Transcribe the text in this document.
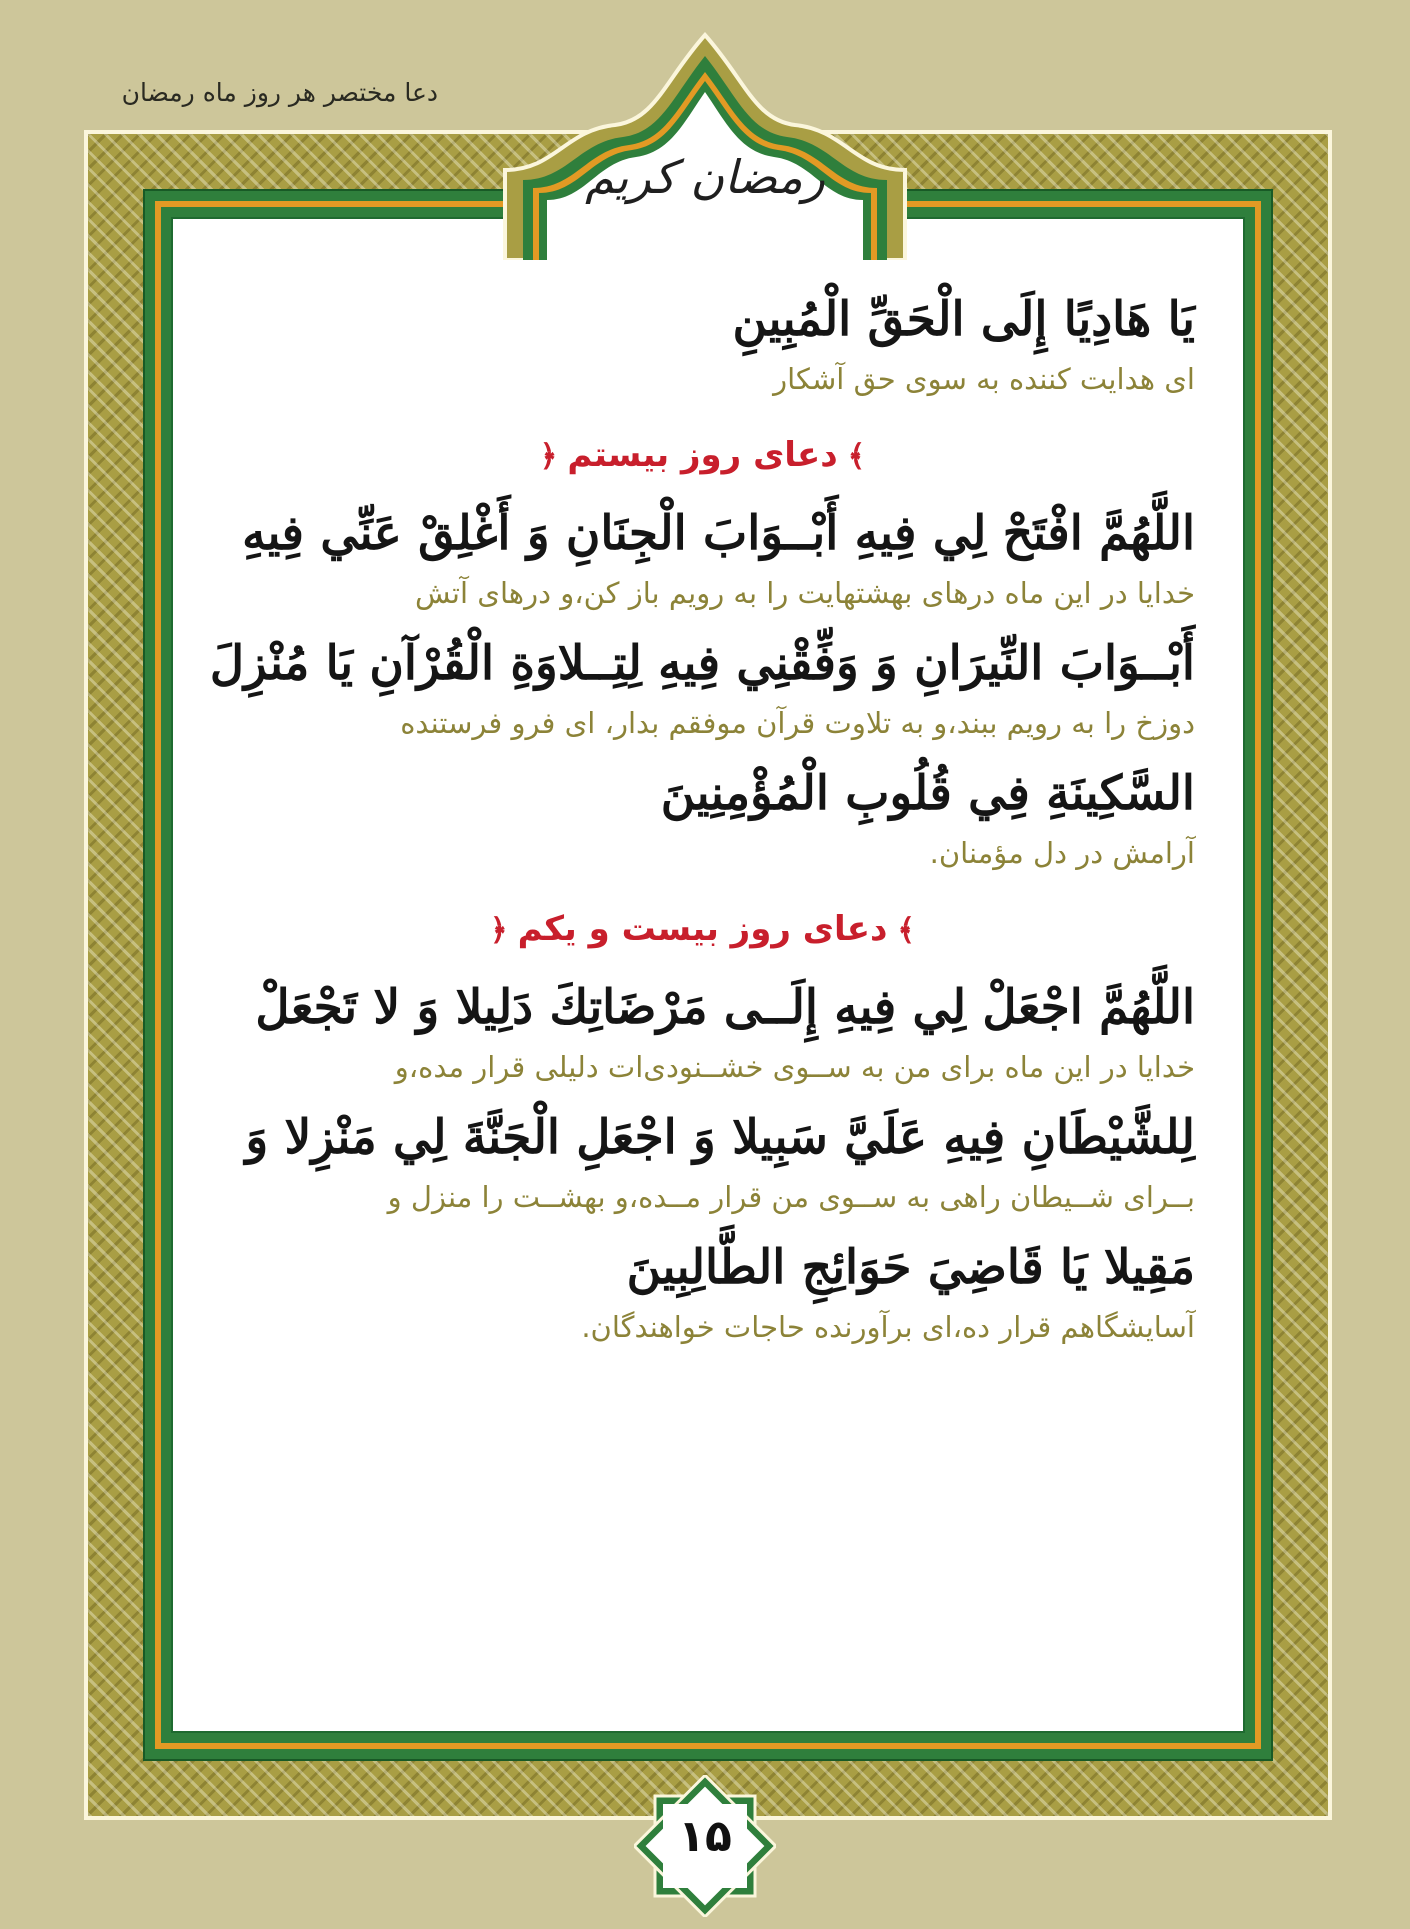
دعا مختصر هر روز ماه رمضان
رمضان کریم

يَا هَادِيًا إِلَى الْحَقِّ الْمُبِينِ

ای هدایت کننده به سوی حق آشکار

﴾دعای روز بیستم﴿

اللَّهُمَّ افْتَحْ لِي فِيهِ أَبْــوَابَ الْجِنَانِ وَ أَغْلِقْ عَنِّي فِيهِ

خدایا در این ماه درهای بهشتهایت را به رویم باز کن،و درهای آتش

أَبْــوَابَ النِّيرَانِ وَ وَفِّقْنِي فِيهِ لِتِــلاوَةِ الْقُرْآنِ يَا مُنْزِلَ

دوزخ را به رویم ببند،و به تلاوت قرآن موفقم بدار، ای فرو فرستنده

السَّكِينَةِ فِي قُلُوبِ الْمُؤْمِنِينَ

آرامش در دل مؤمنان.

﴾دعای روز بیست و یکم﴿

اللَّهُمَّ اجْعَلْ لِي فِيهِ إِلَــى مَرْضَاتِكَ دَلِيلا وَ لا تَجْعَلْ

خدایا در این ماه برای من به ســوی خشــنودی‌ات دلیلی قرار مده،و

لِلشَّيْطَانِ فِيهِ عَلَيَّ سَبِيلا وَ اجْعَلِ الْجَنَّةَ لِي مَنْزِلا وَ

بــرای شــیطان راهی به ســوی من قرار مــده،و بهشــت را منزل و

مَقِيلا يَا قَاضِيَ حَوَائِجِ الطَّالِبِينَ

آسایشگاهم قرار ده،ای برآورنده حاجات خواهندگان.

۱۵
